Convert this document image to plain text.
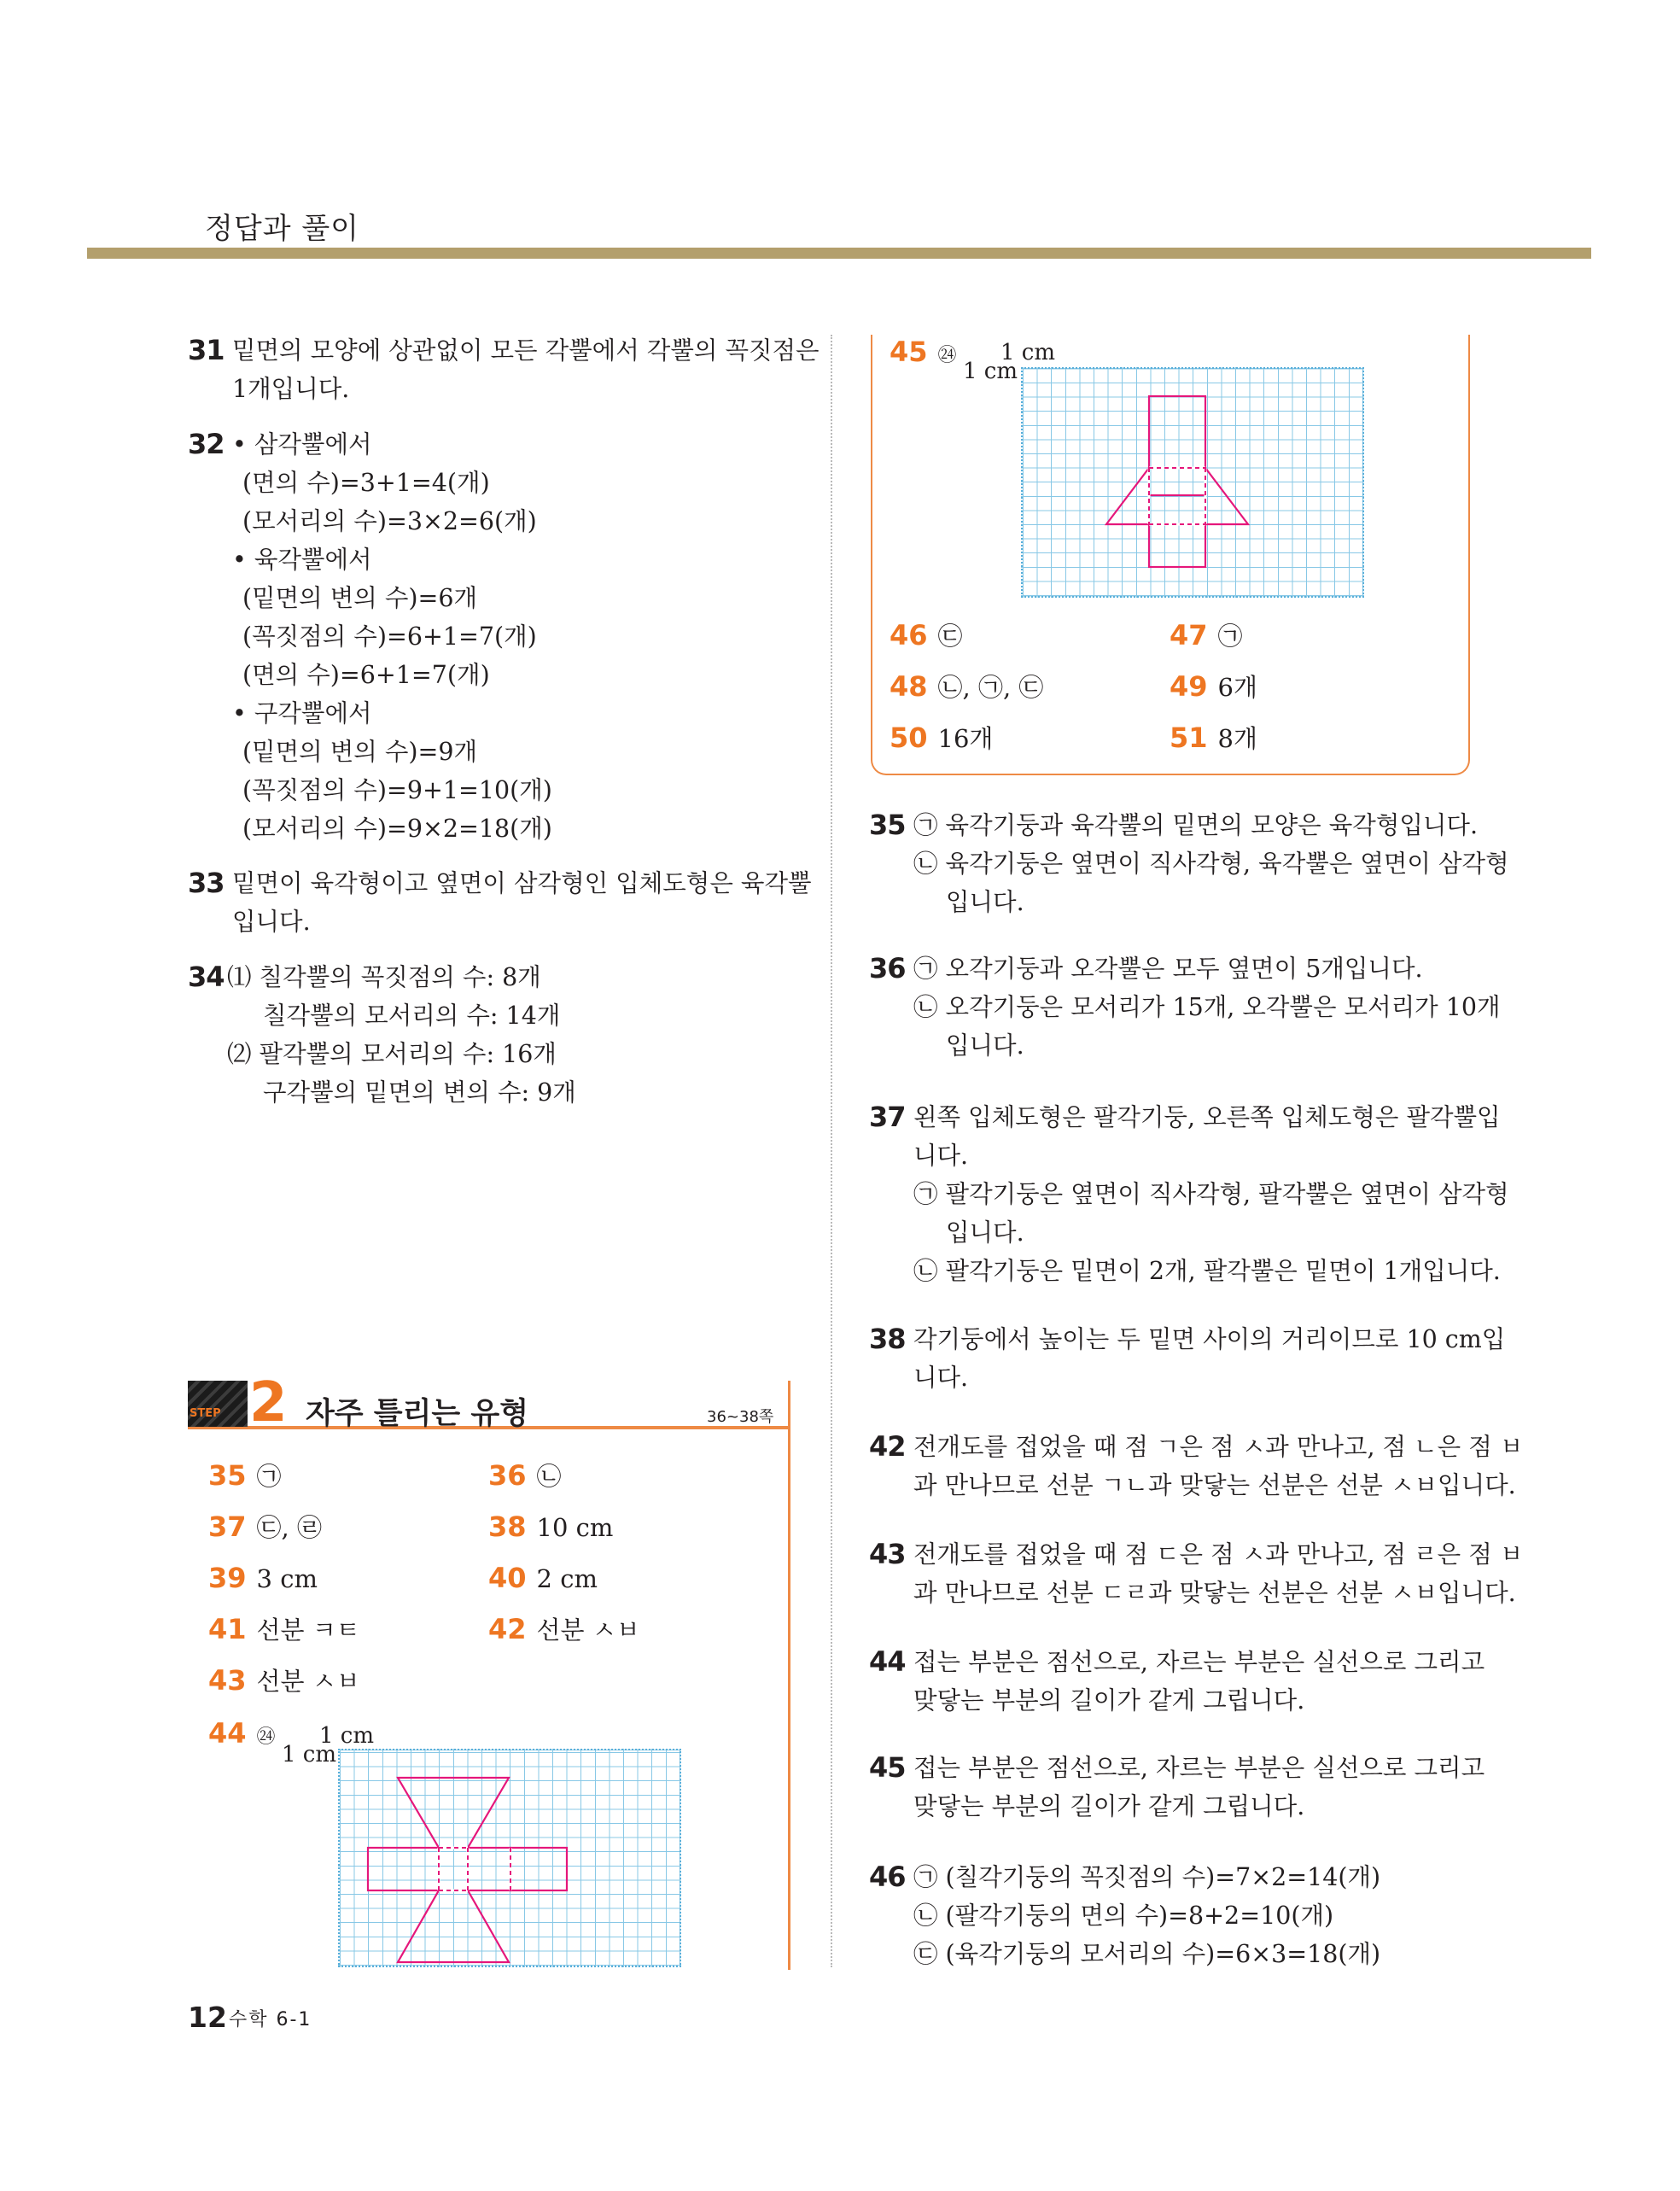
정답과 풀이
31 밑면의 모양에 상관없이 모든 각뿔에서 각뿔의 꼭짓점은
1개입니다.
32 • 삼각뿔에서
(면의 수)=3+1=4(개)
(모서리의 수)=3×2=6(개)
• 육각뿔에서
(밑면의 변의 수)=6개
(꼭짓점의 수)=6+1=7(개)
(면의 수)=6+1=7(개)
• 구각뿔에서
(밑면의 변의 수)=9개
(꼭짓점의 수)=9+1=10(개)
(모서리의 수)=9×2=18(개)
33 밑면이 육각형이고 옆면이 삼각형인 입체도형은 육각뿔
입니다.
34 ⑴ 칠각뿔의 꼭짓점의 수: 8개
칠각뿔의 모서리의 수: 14개
⑵ 팔각뿔의 모서리의 수: 16개
구각뿔의 밑면의 변의 수: 9개
STEP 2 자주 틀리는 유형	36~38쪽
35 ㉠	36 ㉡
37 ㉢, ㉣	38 10 cm
39 3 cm	40 2 cm
41 선분 ㅋㅌ	42 선분 ㅅㅂ
43 선분 ㅅㅂ
44 ㉔ 1 cm
1 cm
45 ㉔ 1 cm
1 cm
46 ㉢	47 ㉠
48 ㉡, ㉠, ㉢	49 6개
50 16개	51 8개
35 ㉠ 육각기둥과 육각뿔의 밑면의 모양은 육각형입니다.
㉡ 육각기둥은 옆면이 직사각형, 육각뿔은 옆면이 삼각형
입니다.
36 ㉠ 오각기둥과 오각뿔은 모두 옆면이 5개입니다.
㉡ 오각기둥은 모서리가 15개, 오각뿔은 모서리가 10개
입니다.
37 왼쪽 입체도형은 팔각기둥, 오른쪽 입체도형은 팔각뿔입
니다.
㉠ 팔각기둥은 옆면이 직사각형, 팔각뿔은 옆면이 삼각형
입니다.
㉡ 팔각기둥은 밑면이 2개, 팔각뿔은 밑면이 1개입니다.
38 각기둥에서 높이는 두 밑면 사이의 거리이므로 10 cm입
니다.
42 전개도를 접었을 때 점 ㄱ은 점 ㅅ과 만나고, 점 ㄴ은 점 ㅂ
과 만나므로 선분 ㄱㄴ과 맞닿는 선분은 선분 ㅅㅂ입니다.
43 전개도를 접었을 때 점 ㄷ은 점 ㅅ과 만나고, 점 ㄹ은 점 ㅂ
과 만나므로 선분 ㄷㄹ과 맞닿는 선분은 선분 ㅅㅂ입니다.
44 접는 부분은 점선으로, 자르는 부분은 실선으로 그리고
맞닿는 부분의 길이가 같게 그립니다.
45 접는 부분은 점선으로, 자르는 부분은 실선으로 그리고
맞닿는 부분의 길이가 같게 그립니다.
46 ㉠ (칠각기둥의 꼭짓점의 수)=7×2=14(개)
㉡ (팔각기둥의 면의 수)=8+2=10(개)
㉢ (육각기둥의 모서리의 수)=6×3=18(개)
12 수학 6-1
